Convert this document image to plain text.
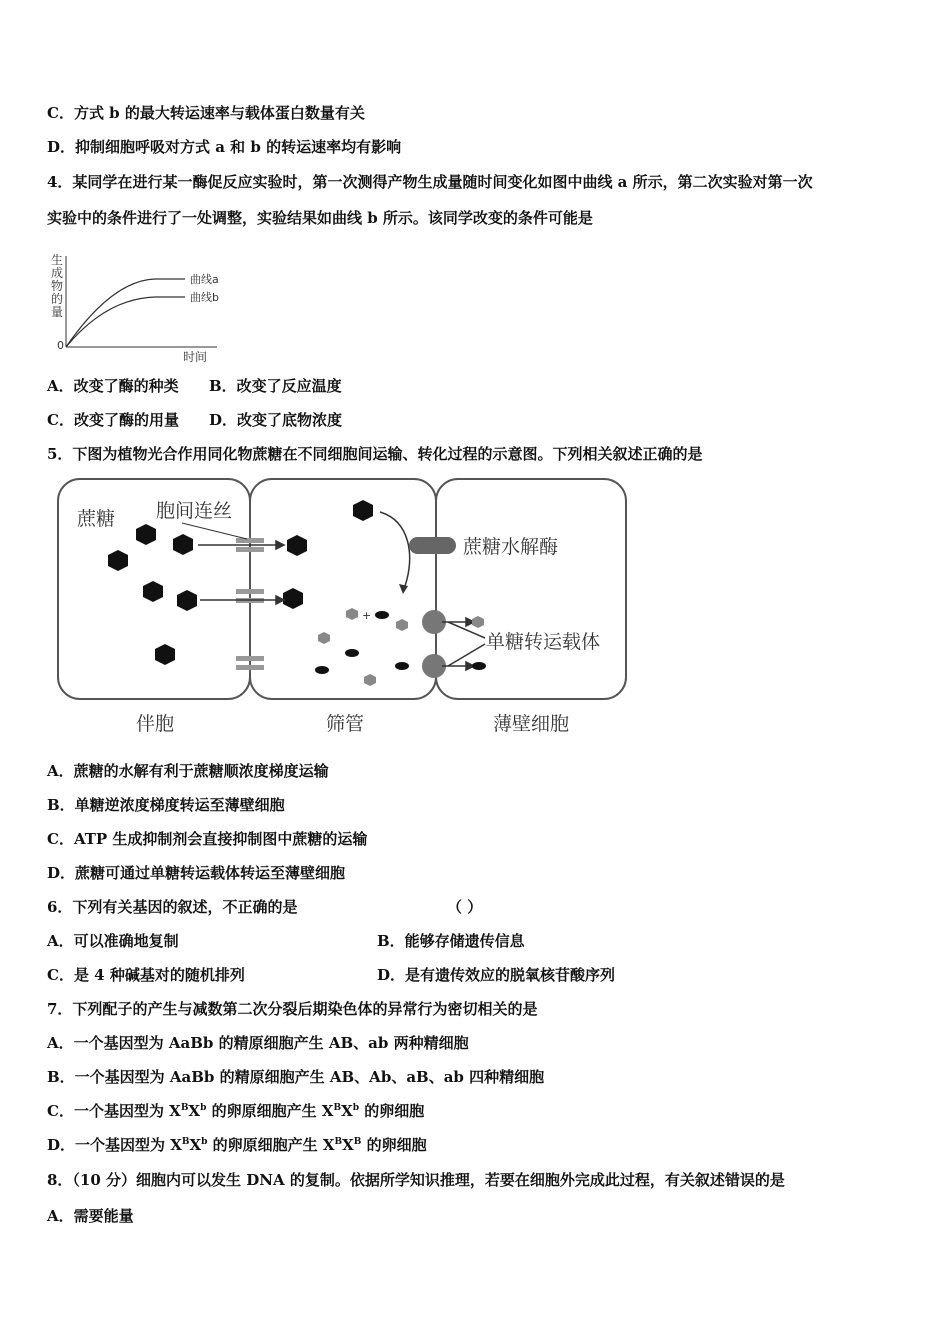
C．方式 b 的最大转运速率与载体蛋白数量有关
D．抑制细胞呼吸对方式 a 和 b 的转运速率均有影响
4．某同学在进行某一酶促反应实验时，第一次测得产物生成量随时间变化如图中曲线 a 所示，第二次实验对第一次
实验中的条件进行了一处调整，实验结果如曲线 b 所示。该同学改变的条件可能是
生
成
物
的
量
0
时间
曲线a
曲线b
A．改变了酶的种类 B．改变了反应温度
C．改变了酶的用量 D．改变了底物浓度
5．下图为植物光合作用同化物蔗糖在不同细胞间运输、转化过程的示意图。下列相关叙述正确的是
蔗糖 胞间连丝
蔗糖水解酶
+
单糖转运载体
伴胞	筛管	薄壁细胞
A．蔗糖的水解有利于蔗糖顺浓度梯度运输
B．单糖逆浓度梯度转运至薄壁细胞
C．ATP 生成抑制剂会直接抑制图中蔗糖的运输
D．蔗糖可通过单糖转运载体转运至薄壁细胞
6．下列有关基因的叙述，不正确的是	（ ）
A．可以准确地复制	B．能够存储遗传信息
C．是 4 种碱基对的随机排列	D．是有遗传效应的脱氧核苷酸序列
7．下列配子的产生与减数第二次分裂后期染色体的异常行为密切相关的是
A．一个基因型为 AaBb 的精原细胞产生 AB、ab 两种精细胞
B．一个基因型为 AaBb 的精原细胞产生 AB、Ab、aB、ab 四种精细胞
C．一个基因型为 $X^BX^b$ 的卵原细胞产生 $X^BX^b$ 的卵细胞
D．一个基因型为 $X^BX^b$ 的卵原细胞产生 $X^BX^B$ 的卵细胞
8．（10 分）细胞内可以发生 DNA 的复制。依据所学知识推理，若要在细胞外完成此过程，有关叙述错误的是
A．需要能量
